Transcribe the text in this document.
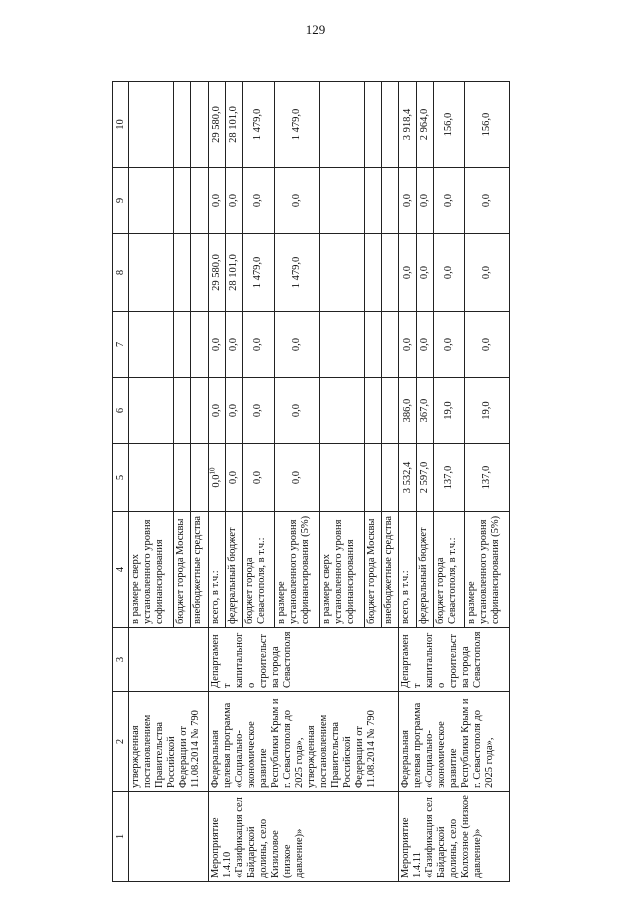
129
1	2	3	4	5	6	7	8	9	10
	утвержденная постановлением Правительства Российской Федерации от 11.08.2014 № 790		в размере сверх установленного уровня софинансирования						
			бюджет города Москвы						
			внебюджетные средства						
Мероприятие 1.4.10 «Газификация сел Байдарской долины, село Кизиловое (низкое давление)»	Федеральная целевая программа «Социально-экономическое развитие Республики Крым и г. Севастополя до 2025 года», утвержденная постановлением Правительства Российской Федерации от 11.08.2014 № 790	Департамент капитального строительства города Севастополя	всего, в т.ч.:	$0,0^{10}$	0,0	0,0	29 580,0	0,0	29 580,0
			федеральный бюджет	0,0	0,0	0,0	28 101,0	0,0	28 101,0
			бюджет города Севастополя, в т.ч.:	0,0	0,0	0,0	1 479,0	0,0	1 479,0
			в размере установленного уровня софинансирования (5%)	0,0	0,0	0,0	1 479,0	0,0	1 479,0
			в размере сверх установленного уровня софинансирования						
			бюджет города Москвы						
			внебюджетные средства						
Мероприятие 1.4.11 «Газификация сел Байдарской долины, село Колхозное (низкое давление)»	Федеральная целевая программа «Социально-экономическое развитие Республики Крым и г. Севастополя до 2025 года»,	Департамент капитального строительства города Севастополя	всего, в т.ч.:	3 532,4	386,0	0,0	0,0	0,0	3 918,4
			федеральный бюджет	2 597,0	367,0	0,0	0,0	0,0	2 964,0
			бюджет города Севастополя, в т.ч.:	137,0	19,0	0,0	0,0	0,0	156,0
			в размере установленного уровня софинансирования (5%)	137,0	19,0	0,0	0,0	0,0	156,0
